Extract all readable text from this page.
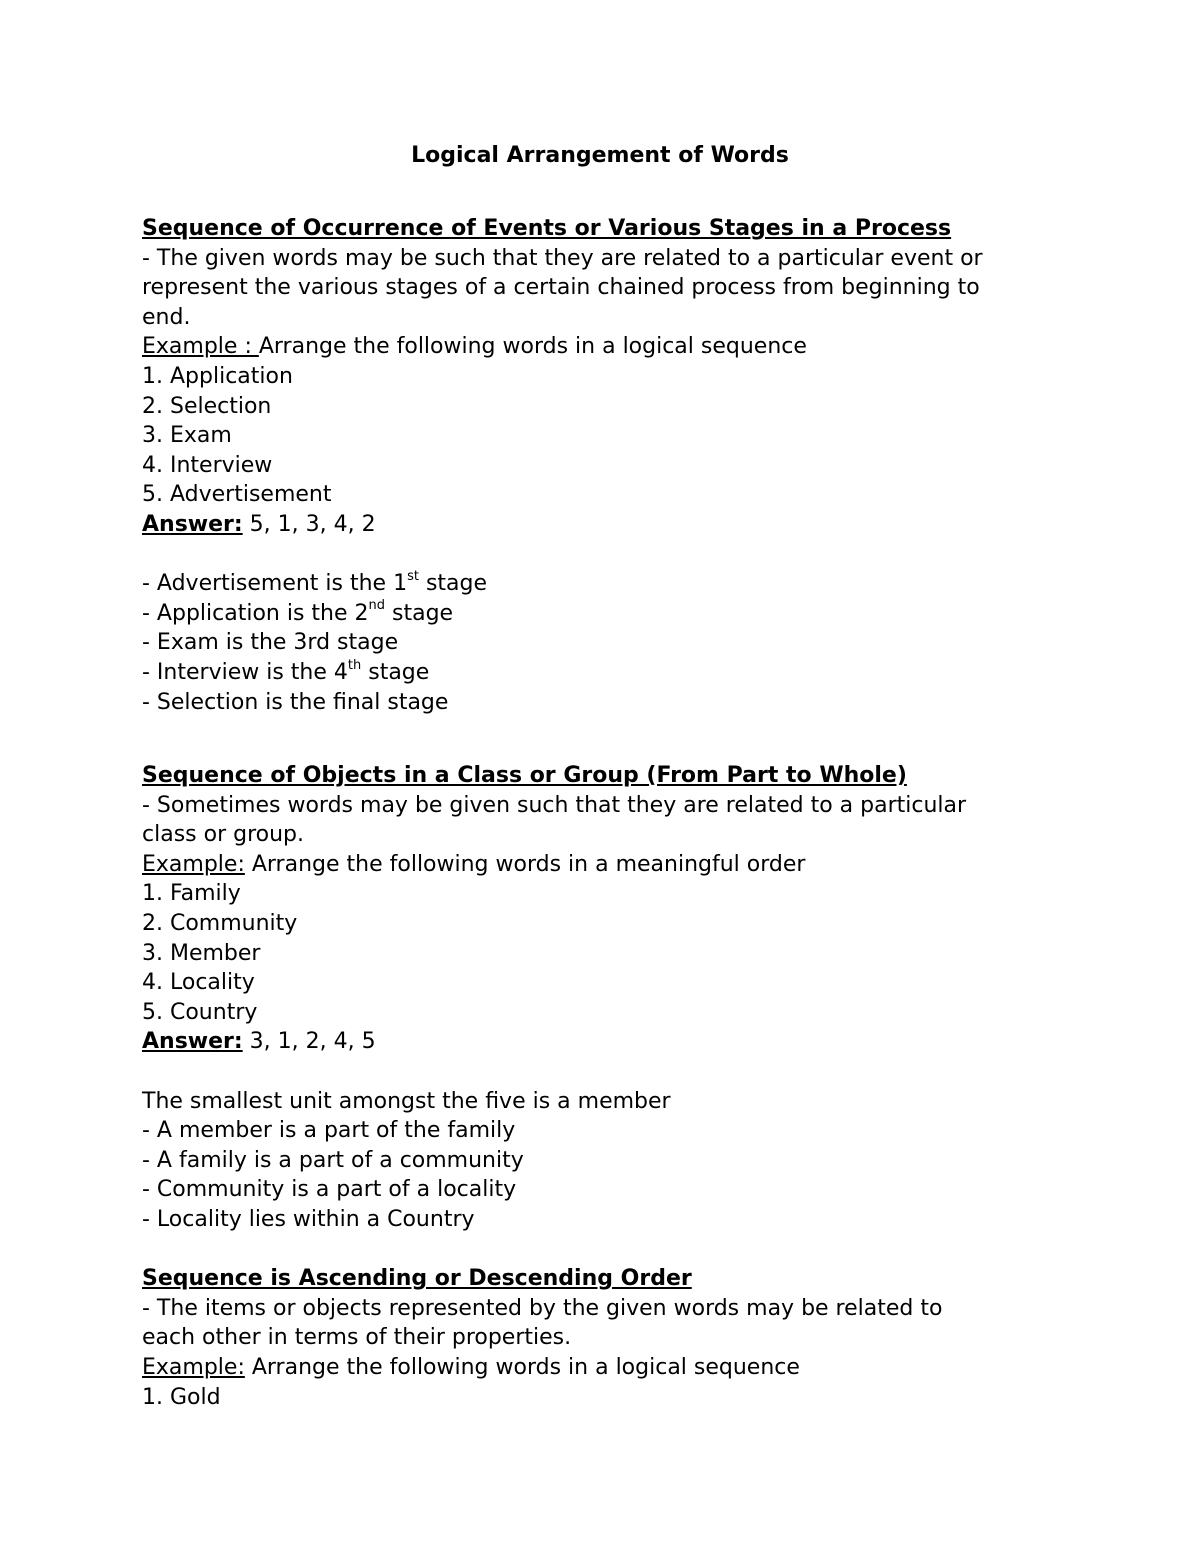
Logical Arrangement of Words
Sequence of Occurrence of Events or Various Stages in a Process
- The given words may be such that they are related to a particular event or
represent the various stages of a certain chained process from beginning to
end.
Example : Arrange the following words in a logical sequence
1. Application
2. Selection
3. Exam
4. Interview
5. Advertisement
Answer: 5, 1, 3, 4, 2
- Advertisement is the 1st stage
- Application is the 2nd stage
- Exam is the 3rd stage
- Interview is the 4th stage
- Selection is the final stage
Sequence of Objects in a Class or Group (From Part to Whole)
- Sometimes words may be given such that they are related to a particular
class or group.
Example: Arrange the following words in a meaningful order
1. Family
2. Community
3. Member
4. Locality
5. Country
Answer: 3, 1, 2, 4, 5
The smallest unit amongst the five is a member
- A member is a part of the family
- A family is a part of a community
- Community is a part of a locality
- Locality lies within a Country
Sequence is Ascending or Descending Order
- The items or objects represented by the given words may be related to
each other in terms of their properties.
Example: Arrange the following words in a logical sequence
1. Gold
